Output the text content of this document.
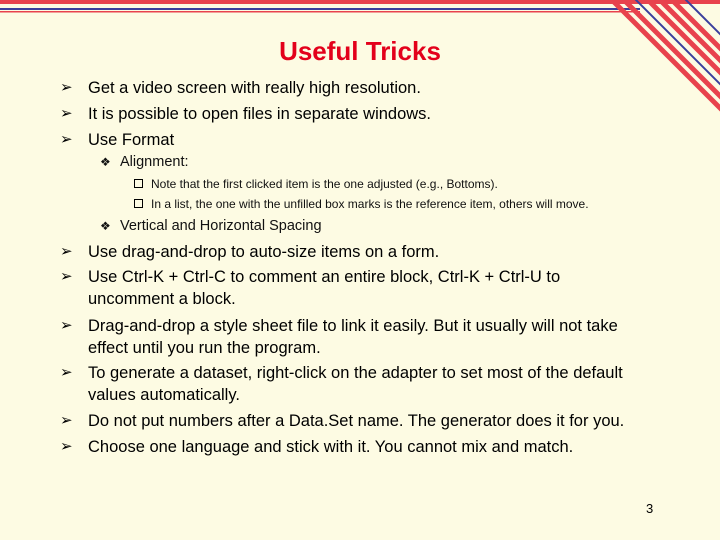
Useful Tricks
➢ Get a video screen with really high resolution.
➢ It is possible to open files in separate windows.
➢ Use Format
❖ Alignment:
Note that the first clicked item is the one adjusted (e.g., Bottoms).
In a list, the one with the unfilled box marks is the reference item, others will move.
❖ Vertical and Horizontal Spacing
➢ Use drag-and-drop to auto-size items on a form.
➢ Use Ctrl-K + Ctrl-C to comment an entire block, Ctrl-K + Ctrl-U to
uncomment a block.
➢ Drag-and-drop a style sheet file to link it easily. But it usually will not take
effect until you run the program.
➢ To generate a dataset, right-click on the adapter to set most of the default
values automatically.
➢ Do not put numbers after a Data.Set name. The generator does it for you.
➢ Choose one language and stick with it. You cannot mix and match.
3
